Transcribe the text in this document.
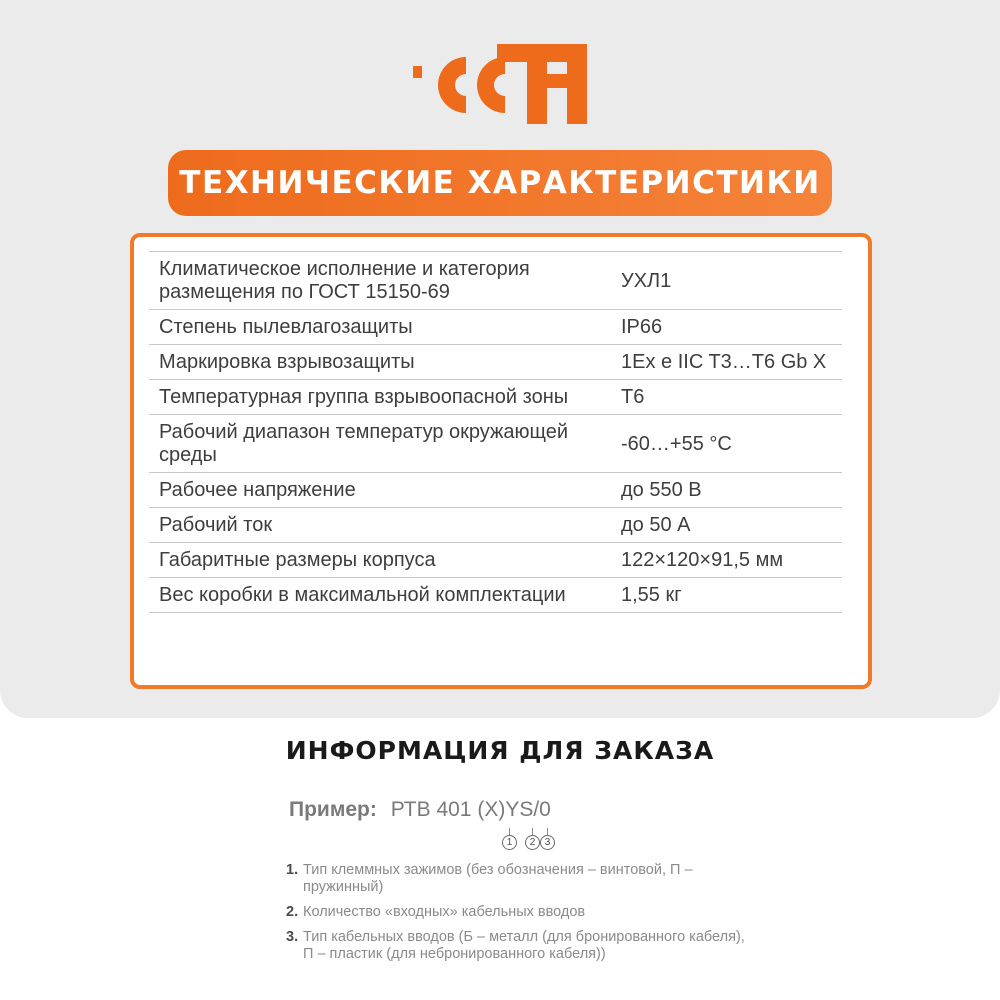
ТЕХНИЧЕСКИЕ ХАРАКТЕРИСТИКИ
Климатическое исполнение и категория размещения по ГОСТ 15150-69	УХЛ1
Степень пылевлагозащиты	IP66
Маркировка взрывозащиты	1Ex e IIC T3…T6 Gb X
Температурная группа взрывоопасной зоны	Т6
Рабочий диапазон температур окружающей среды	-60…+55 °С
Рабочее напряжение	до 550 В
Рабочий ток	до 50 А
Габаритные размеры корпуса	122×120×91,5 мм
Вес коробки в максимальной комплектации	1,55 кг
ИНФОРМАЦИЯ ДЛЯ ЗАКАЗА
Пример: РТВ 401 (X)YS/0
1	2 3
1. Тип клеммных зажимов (без обозначения – винтовой, П – пружинный)
2. Количество «входных» кабельных вводов
3. Тип кабельных вводов (Б – металл (для бронированного кабеля), П – пластик (для небронированного кабеля))
